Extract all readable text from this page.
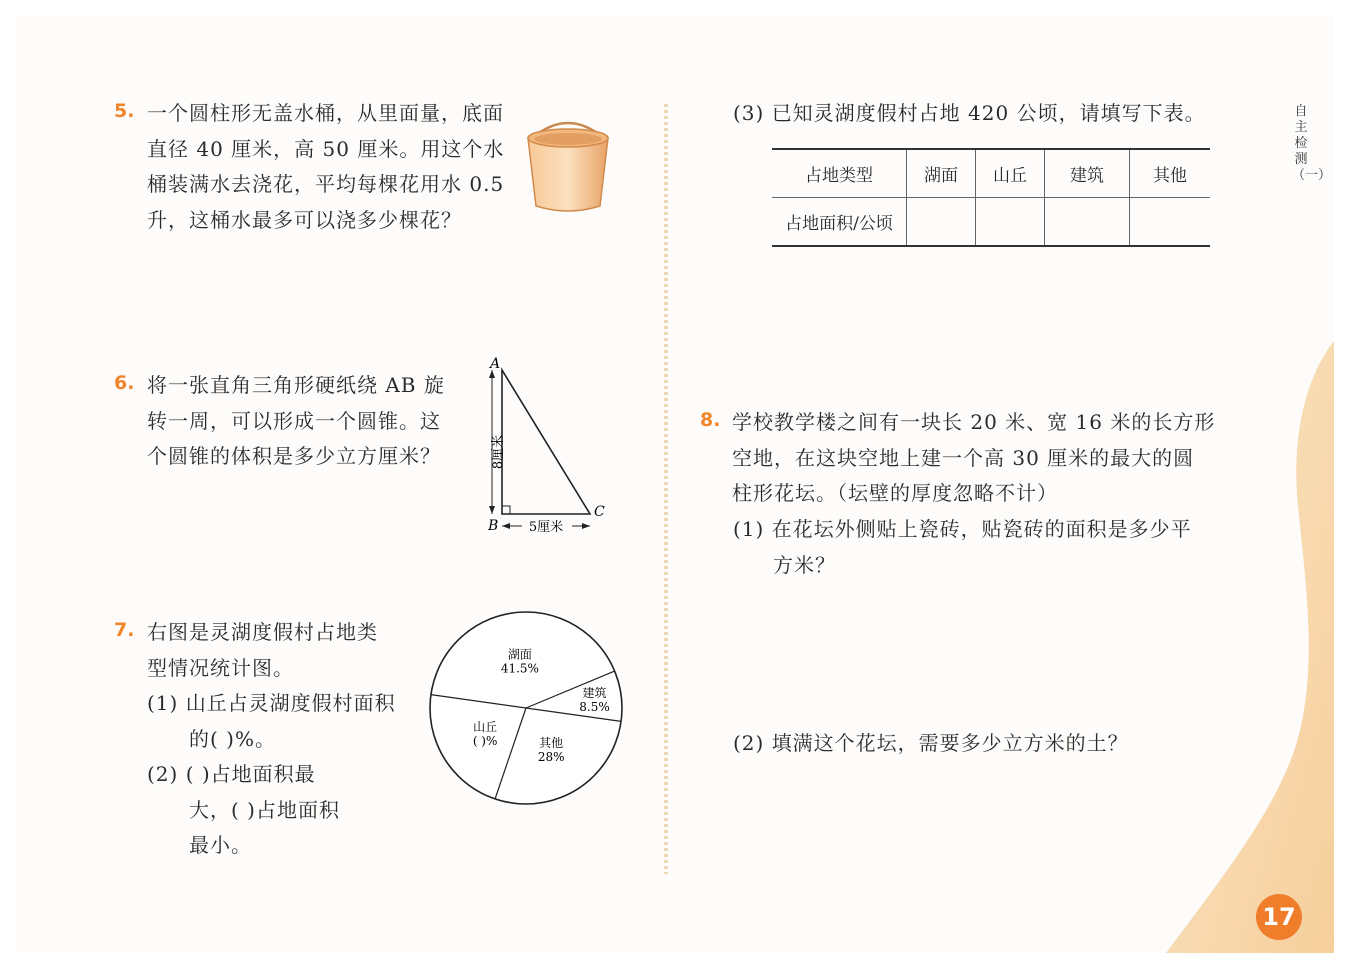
自主检测（一）
17
5. 一个圆柱形无盖水桶，从里面量，底面
直径 40 厘米，高 50 厘米。用这个水
桶装满水去浇花，平均每棵花用水 0.5
升，这桶水最多可以浇多少棵花？
6. 将一张直角三角形硬纸绕 AB 旋
转一周，可以形成一个圆锥。这
个圆锥的体积是多少立方厘米？
A
B
C
8厘米
5厘米
7. 右图是灵湖度假村占地类
型情况统计图。
(1) 山丘占灵湖度假村面积
的( )%。
(2) ( )占地面积最
大，( )占地面积
最小。
湖面
41.5%
建筑
8.5%
其他
28%
山丘
( )%
(3) 已知灵湖度假村占地 420 公顷，请填写下表。
占地类型	湖面	山丘	建筑	其他
占地面积/公顷				
8. 学校教学楼之间有一块长 20 米、宽 16 米的长方形
空地，在这块空地上建一个高 30 厘米的最大的圆
柱形花坛。（坛壁的厚度忽略不计）
(1) 在花坛外侧贴上瓷砖，贴瓷砖的面积是多少平
方米？
(2) 填满这个花坛，需要多少立方米的土？
